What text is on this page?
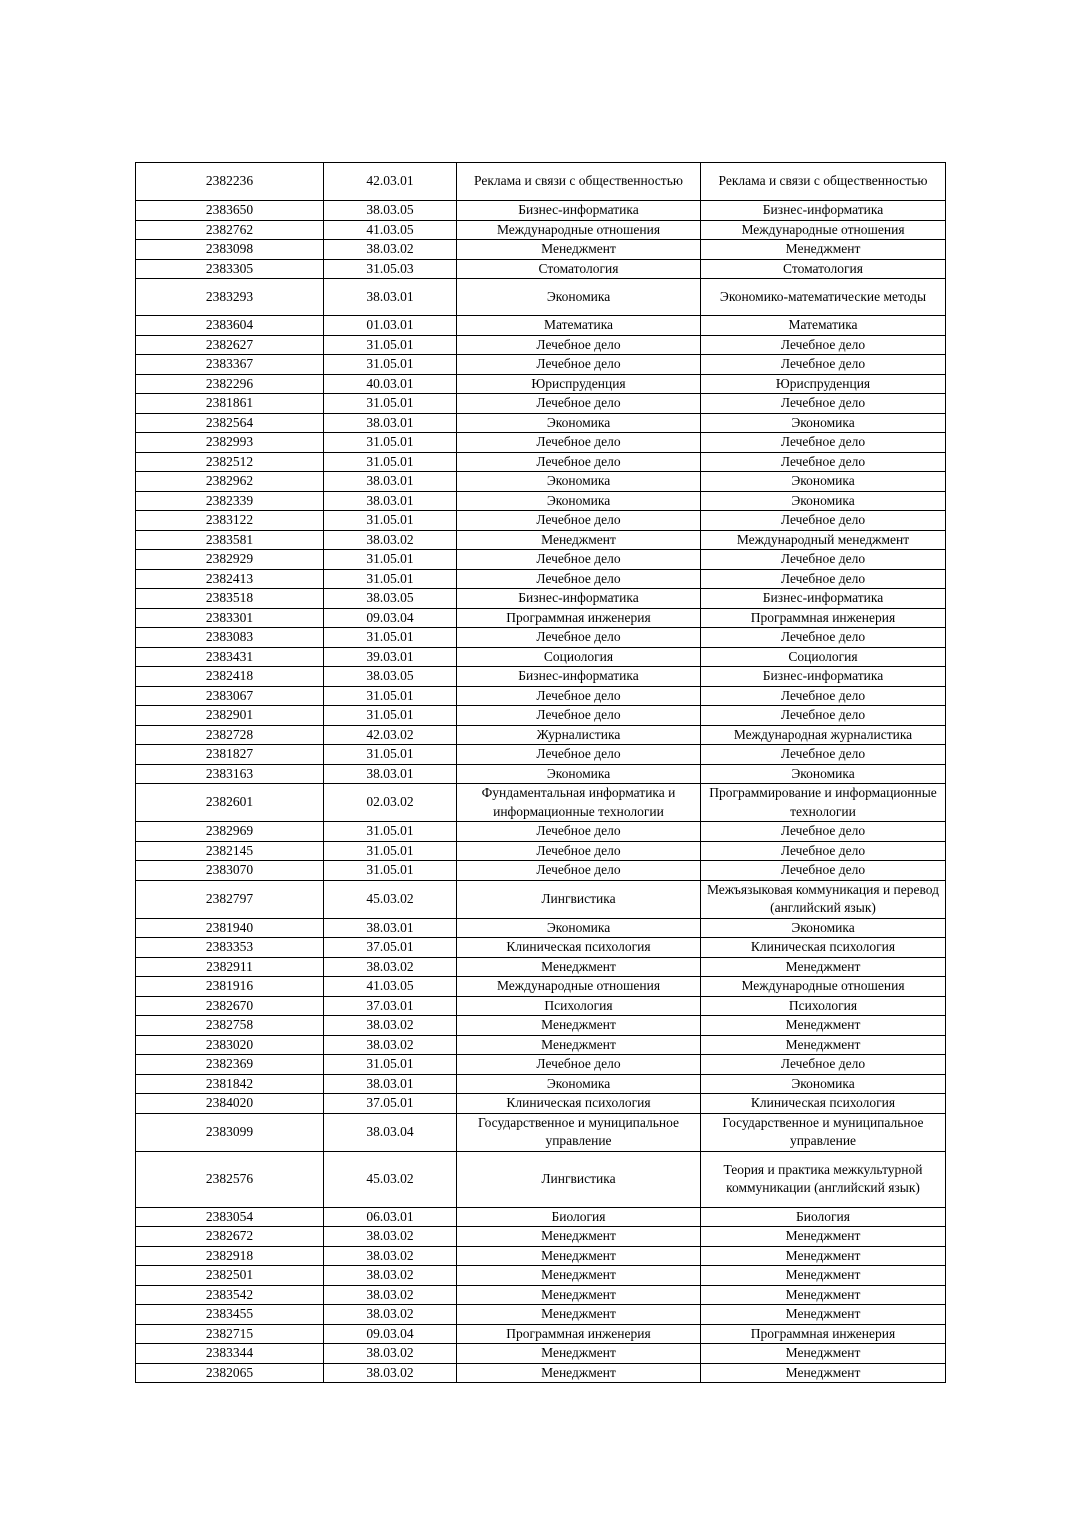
2382236	42.03.01	Реклама и связи с общественностью	Реклама и связи с общественностью
2383650	38.03.05	Бизнес-информатика	Бизнес-информатика
2382762	41.03.05	Международные отношения	Международные отношения
2383098	38.03.02	Менеджмент	Менеджмент
2383305	31.05.03	Стоматология	Стоматология
2383293	38.03.01	Экономика	Экономико-математические методы
2383604	01.03.01	Математика	Математика
2382627	31.05.01	Лечебное дело	Лечебное дело
2383367	31.05.01	Лечебное дело	Лечебное дело
2382296	40.03.01	Юриспруденция	Юриспруденция
2381861	31.05.01	Лечебное дело	Лечебное дело
2382564	38.03.01	Экономика	Экономика
2382993	31.05.01	Лечебное дело	Лечебное дело
2382512	31.05.01	Лечебное дело	Лечебное дело
2382962	38.03.01	Экономика	Экономика
2382339	38.03.01	Экономика	Экономика
2383122	31.05.01	Лечебное дело	Лечебное дело
2383581	38.03.02	Менеджмент	Международный менеджмент
2382929	31.05.01	Лечебное дело	Лечебное дело
2382413	31.05.01	Лечебное дело	Лечебное дело
2383518	38.03.05	Бизнес-информатика	Бизнес-информатика
2383301	09.03.04	Программная инженерия	Программная инженерия
2383083	31.05.01	Лечебное дело	Лечебное дело
2383431	39.03.01	Социология	Социология
2382418	38.03.05	Бизнес-информатика	Бизнес-информатика
2383067	31.05.01	Лечебное дело	Лечебное дело
2382901	31.05.01	Лечебное дело	Лечебное дело
2382728	42.03.02	Журналистика	Международная журналистика
2381827	31.05.01	Лечебное дело	Лечебное дело
2383163	38.03.01	Экономика	Экономика
2382601	02.03.02	Фундаментальная информатика и информационные технологии	Программирование и информационные технологии
2382969	31.05.01	Лечебное дело	Лечебное дело
2382145	31.05.01	Лечебное дело	Лечебное дело
2383070	31.05.01	Лечебное дело	Лечебное дело
2382797	45.03.02	Лингвистика	Межъязыковая коммуникация и перевод (английский язык)
2381940	38.03.01	Экономика	Экономика
2383353	37.05.01	Клиническая психология	Клиническая психология
2382911	38.03.02	Менеджмент	Менеджмент
2381916	41.03.05	Международные отношения	Международные отношения
2382670	37.03.01	Психология	Психология
2382758	38.03.02	Менеджмент	Менеджмент
2383020	38.03.02	Менеджмент	Менеджмент
2382369	31.05.01	Лечебное дело	Лечебное дело
2381842	38.03.01	Экономика	Экономика
2384020	37.05.01	Клиническая психология	Клиническая психология
2383099	38.03.04	Государственное и муниципальное управление	Государственное и муниципальное управление
2382576	45.03.02	Лингвистика	Теория и практика межкультурной коммуникации (английский язык)
2383054	06.03.01	Биология	Биология
2382672	38.03.02	Менеджмент	Менеджмент
2382918	38.03.02	Менеджмент	Менеджмент
2382501	38.03.02	Менеджмент	Менеджмент
2383542	38.03.02	Менеджмент	Менеджмент
2383455	38.03.02	Менеджмент	Менеджмент
2382715	09.03.04	Программная инженерия	Программная инженерия
2383344	38.03.02	Менеджмент	Менеджмент
2382065	38.03.02	Менеджмент	Менеджмент
